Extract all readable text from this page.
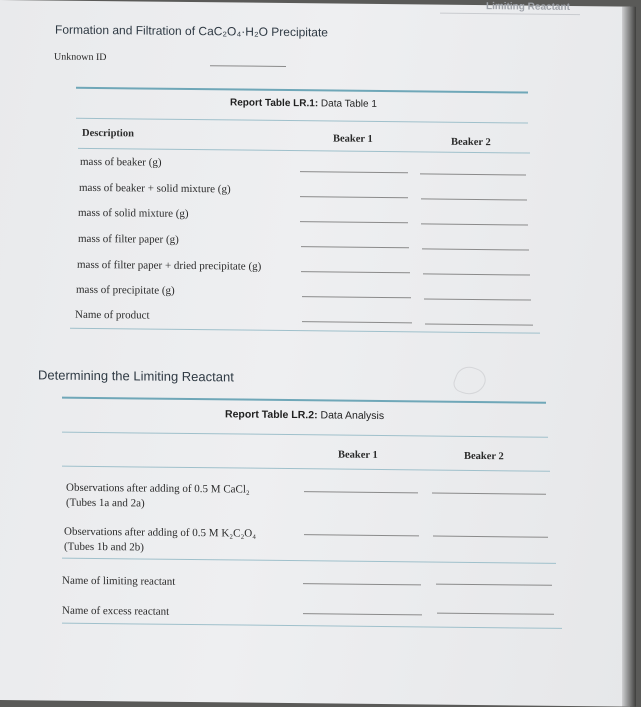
Limiting Reactant
Formation and Filtration of CaC₂O₄·H₂O Precipitate
Unknown ID
Report Table LR.1: Data Table 1
Description	Beaker 1	Beaker 2
mass of beaker (g)
mass of beaker + solid mixture (g)
mass of solid mixture (g)
mass of filter paper (g)
mass of filter paper + dried precipitate (g)
mass of precipitate (g)
Name of product
Determining the Limiting Reactant
Report Table LR.2: Data Analysis
Beaker 1	Beaker 2
Observations after adding of 0.5 M CaCl₂
(Tubes 1a and 2a)
Observations after adding of 0.5 M K₂C₂O₄
(Tubes 1b and 2b)
Name of limiting reactant
Name of excess reactant
